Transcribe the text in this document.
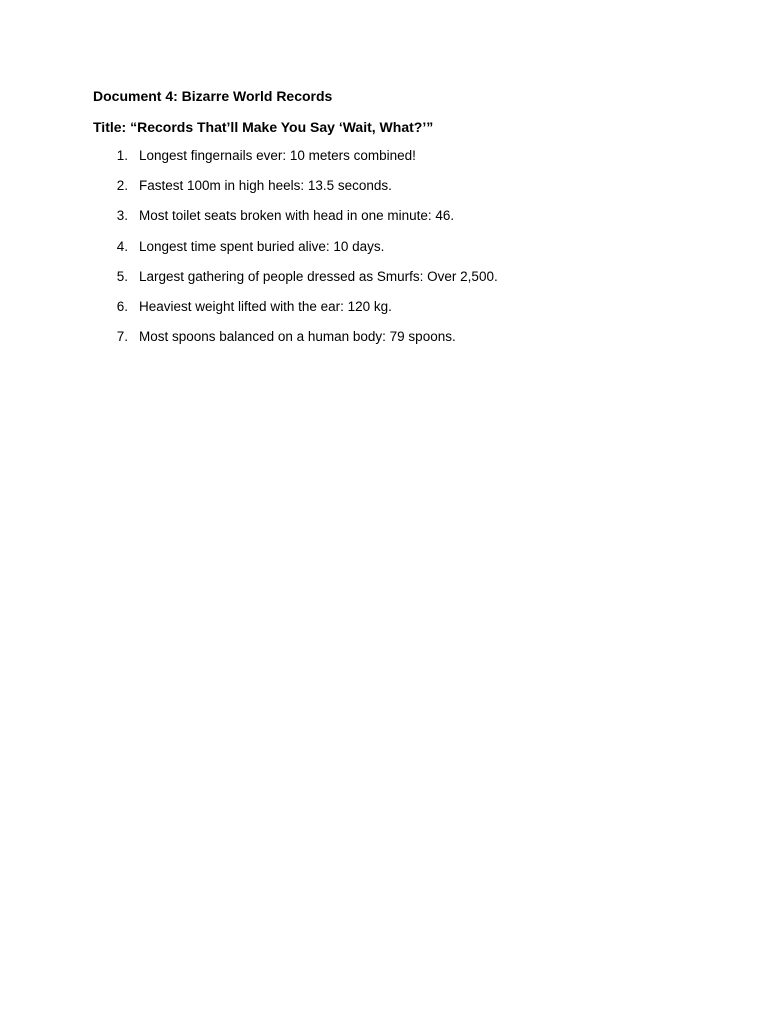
Document 4: Bizarre World Records
Title: “Records That’ll Make You Say ‘Wait, What?’”
1. Longest fingernails ever: 10 meters combined!
2. Fastest 100m in high heels: 13.5 seconds.
3. Most toilet seats broken with head in one minute: 46.
4. Longest time spent buried alive: 10 days.
5. Largest gathering of people dressed as Smurfs: Over 2,500.
6. Heaviest weight lifted with the ear: 120 kg.
7. Most spoons balanced on a human body: 79 spoons.
